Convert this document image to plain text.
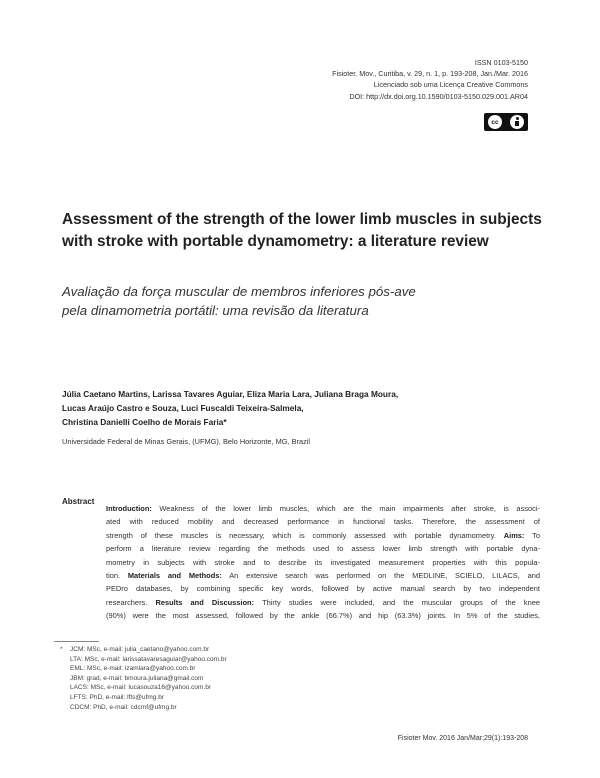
ISSN 0103-5150
Fisioter. Mov., Curitiba, v. 29, n. 1, p. 193-208, Jan./Mar. 2016
Licenciado sob uma Licença Creative Commons
DOI: http://dx.doi.org.10.1590/0103-5150.029.001.AR04
cc
Assessment of the strength of the lower limb muscles in subjects
with stroke with portable dynamometry: a literature review
Avaliação da força muscular de membros inferiores pós-ave
pela dinamometria portátil: uma revisão da literatura
Júlia Caetano Martins, Larissa Tavares Aguiar, Eliza Maria Lara, Juliana Braga Moura,
Lucas Araújo Castro e Souza, Luci Fuscaldi Teixeira-Salmela,
Christina Danielli Coelho de Morais Faria*
Universidade Federal de Minas Gerais, (UFMG), Belo Horizonte, MG, Brazil
Abstract
Introduction: Weakness of the lower limb muscles, which are the main impairments after stroke, is associ-
ated with reduced mobility and decreased performance in functional tasks. Therefore, the assessment of
strength of these muscles is necessary, which is commonly assessed with portable dynamometry. Aims: To
perform a literature review regarding the methods used to assess lower limb strength with portable dyna-
mometry in subjects with stroke and to describe its investigated measurement properties with this popula-
tion. Materials and Methods: An extensive search was performed on the MEDLINE, SCIELO, LILACS, and
PEDro databases, by combining specific key words, followed by active manual search by two independent
researchers. Results and Discussion: Thirty studies were included, and the muscular groups of the knee
(90%) were the most assessed, followed by the ankle (66.7%) and hip (63.3%) joints. In 5% of the studies,
* JCM: MSc, e-mail: julia_caetano@yahoo.com.br
LTA: MSc, e-mail: larissatavaresaguiar@yahoo.com.br
EML: MSc, e-mail: izamlara@yahoo.com.br
JBM: grad, e-mail: bmoura.juliana@gmail.com
LACS: MSc, e-mail: lucasouza16@yahoo.com.br
LFTS: PhD, e-mail: lfts@ufmg.br
CDCM: PhD, e-mail: cdcmf@ufmg.br
Fisioter Mov. 2016 Jan/Mar;29(1):193-208
